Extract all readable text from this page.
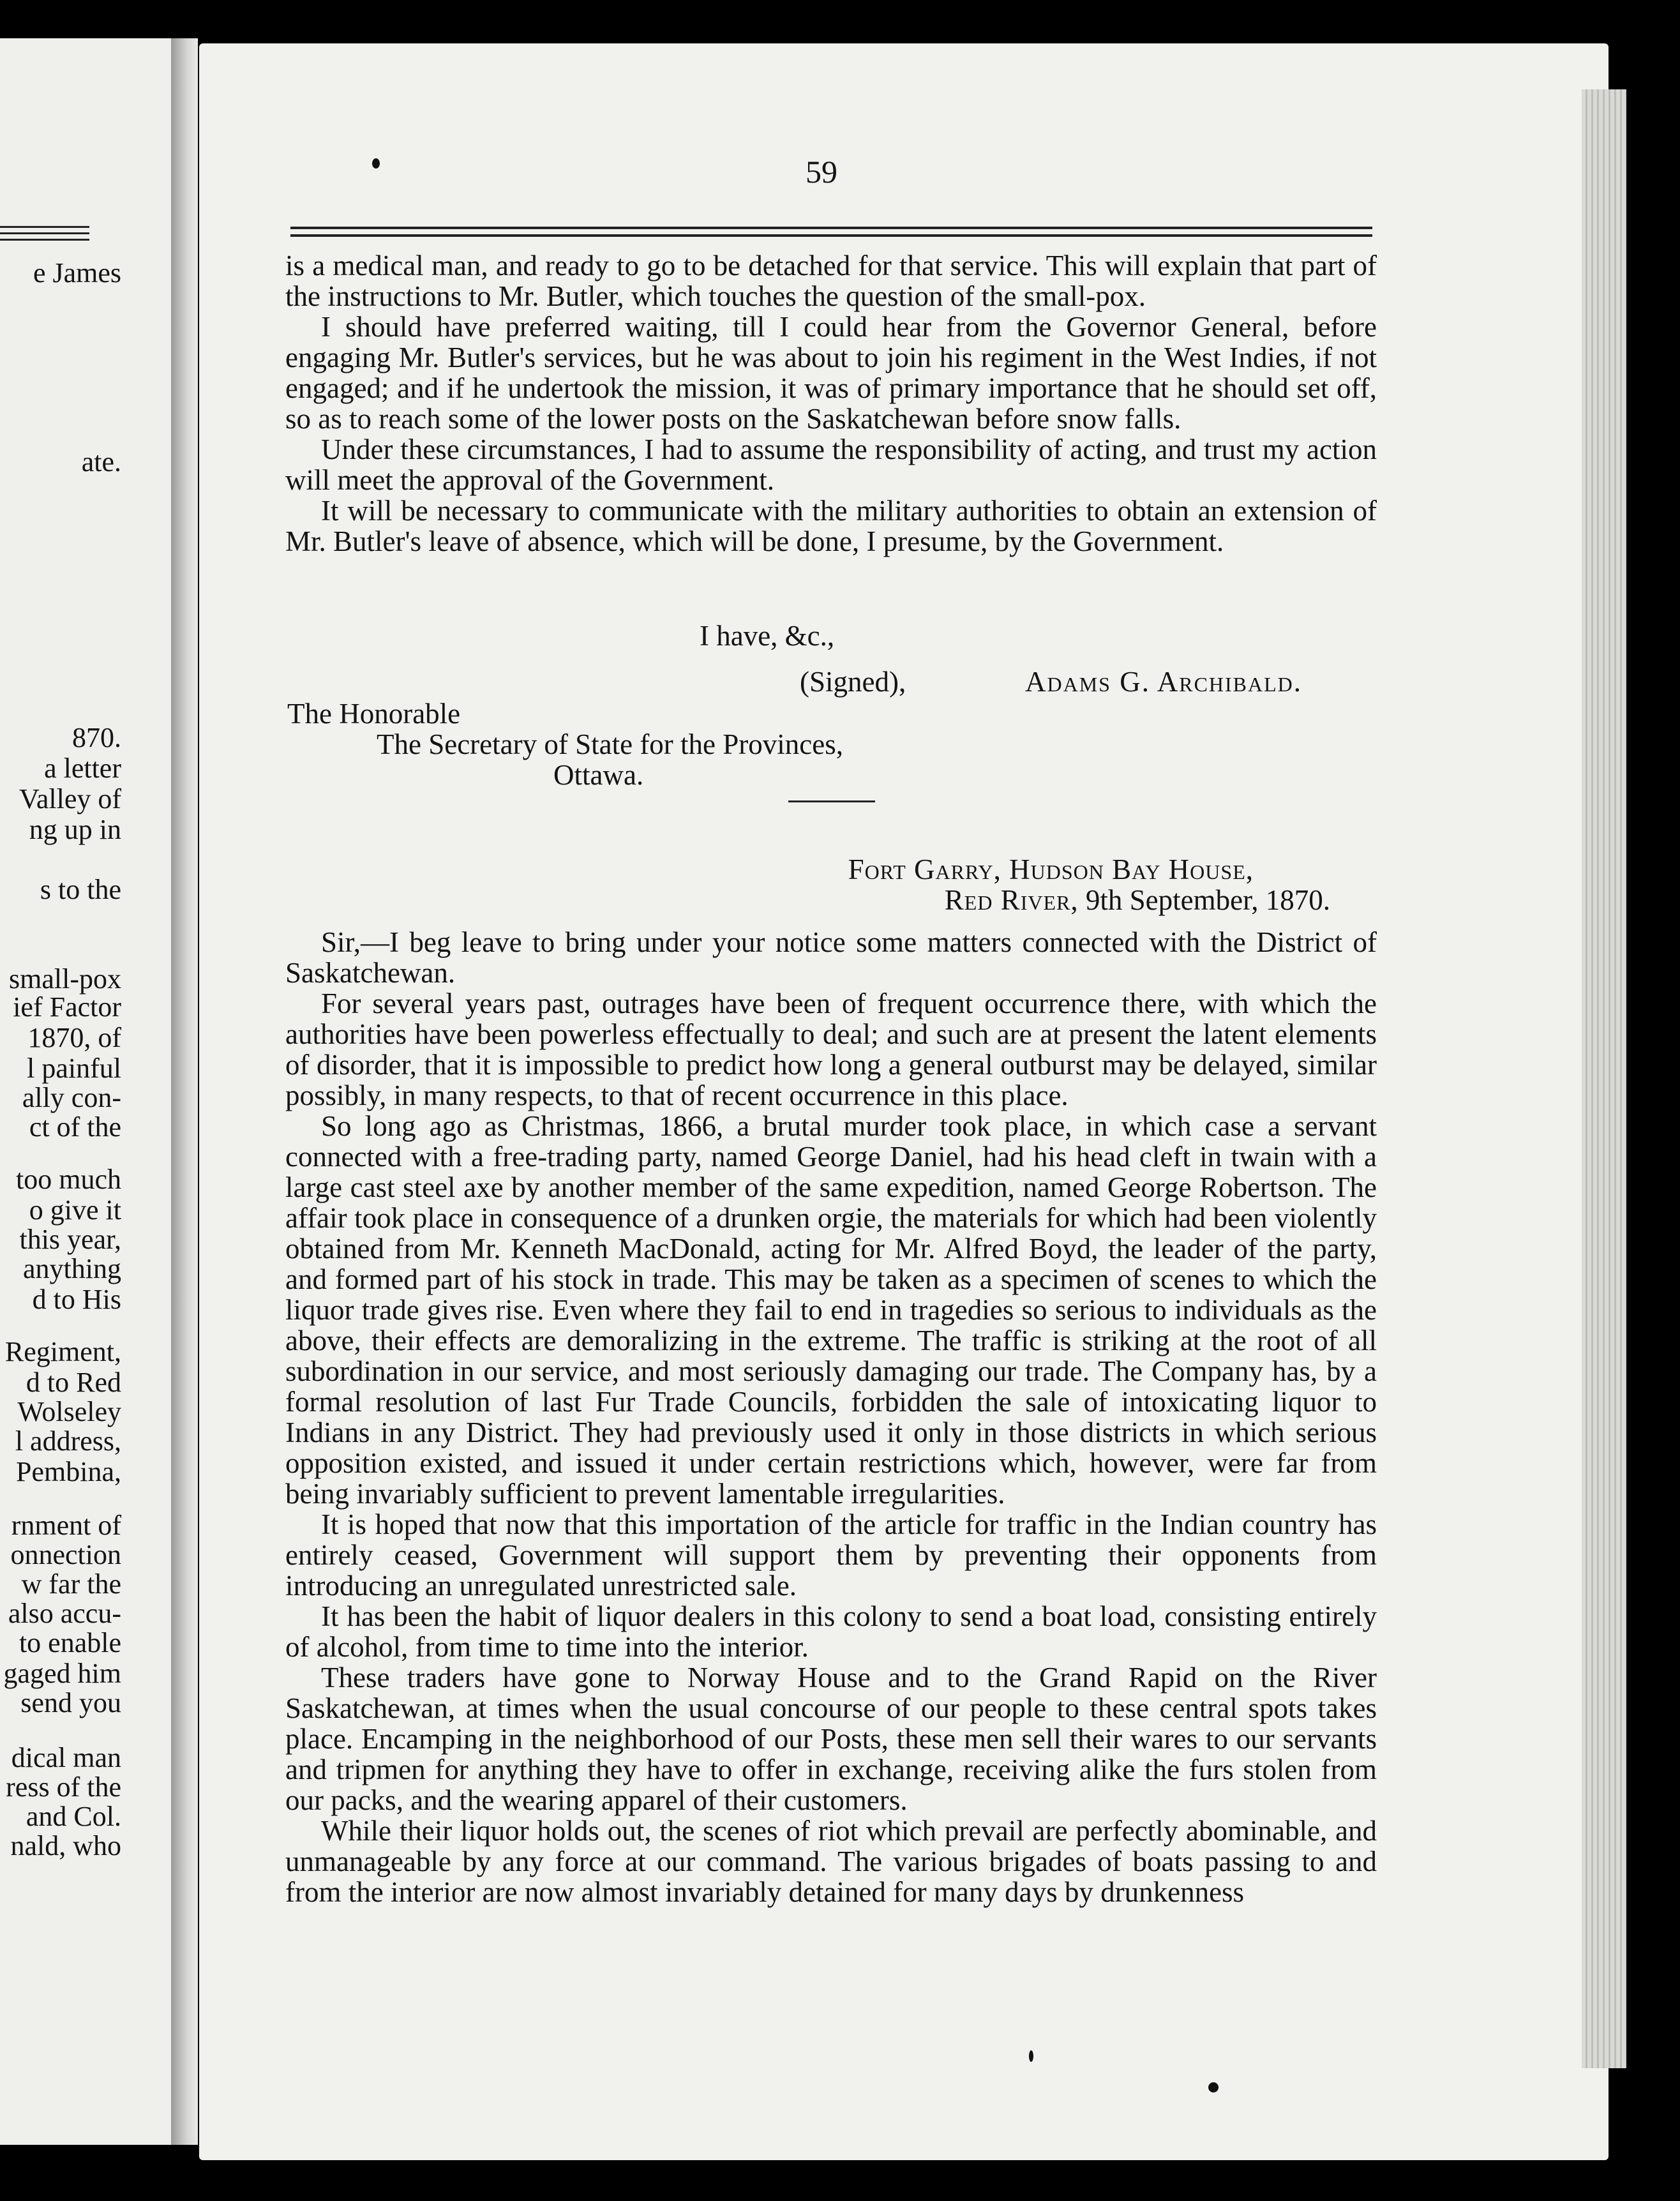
e James
ate.
870.
a letter
Valley of
ng up in
s to the
small-pox
ief Factor
1870, of
l painful
ally con-
ct of the
too much
o give it
this year,
anything
d to His
Regiment,
d to Red
Wolseley
l address,
Pembina,
rnment of
onnection
w far the
also accu-
to enable
gaged him
send you
dical man
ress of the
and Col.
nald, who
59

is a medical man, and ready to go to be detached for that service. This will explain that part of the instructions to Mr. Butler, which touches the question of the small-pox.

I should have preferred waiting, till I could hear from the Governor General, before engaging Mr. Butler's services, but he was about to join his regiment in the West Indies, if not engaged; and if he undertook the mission, it was of primary importance that he should set off, so as to reach some of the lower posts on the Saskatchewan before snow falls.

Under these circumstances, I had to assume the responsibility of acting, and trust my action will meet the approval of the Government.

It will be necessary to communicate with the military authorities to obtain an extension of Mr. Butler's leave of absence, which will be done, I presume, by the Government.

I have, &c.,
(Signed),	Adams G. Archibald.
The Honorable
The Secretary of State for the Provinces,
Ottawa.
Fort Garry, Hudson Bay House,
Red River, 9th September, 1870.

Sir,—I beg leave to bring under your notice some matters connected with the District of Saskatchewan.

For several years past, outrages have been of frequent occurrence there, with which the authorities have been powerless effectually to deal; and such are at present the latent elements of disorder, that it is impossible to predict how long a general outburst may be delayed, similar possibly, in many respects, to that of recent occurrence in this place.

So long ago as Christmas, 1866, a brutal murder took place, in which case a servant connected with a free-trading party, named George Daniel, had his head cleft in twain with a large cast steel axe by another member of the same expedition, named George Robertson. The affair took place in consequence of a drunken orgie, the materials for which had been violently obtained from Mr. Kenneth MacDonald, acting for Mr. Alfred Boyd, the leader of the party, and formed part of his stock in trade. This may be taken as a specimen of scenes to which the liquor trade gives rise. Even where they fail to end in tragedies so serious to individuals as the above, their effects are demoralizing in the extreme. The traffic is striking at the root of all subordination in our service, and most seriously damaging our trade. The Company has, by a formal resolution of last Fur Trade Councils, forbidden the sale of intoxicating liquor to Indians in any District. They had previously used it only in those districts in which serious opposition existed, and issued it under certain restrictions which, however, were far from being invariably sufficient to prevent lamentable irregularities.

It is hoped that now that this importation of the article for traffic in the Indian country has entirely ceased, Government will support them by preventing their opponents from introducing an unregulated unrestricted sale.

It has been the habit of liquor dealers in this colony to send a boat load, consisting entirely of alcohol, from time to time into the interior.

These traders have gone to Norway House and to the Grand Rapid on the River Saskatchewan, at times when the usual concourse of our people to these central spots takes place. Encamping in the neighborhood of our Posts, these men sell their wares to our servants and tripmen for anything they have to offer in exchange, receiving alike the furs stolen from our packs, and the wearing apparel of their customers.

While their liquor holds out, the scenes of riot which prevail are perfectly abominable, and unmanageable by any force at our command. The various brigades of boats passing to and from the interior are now almost invariably detained for many days by drunkenness
